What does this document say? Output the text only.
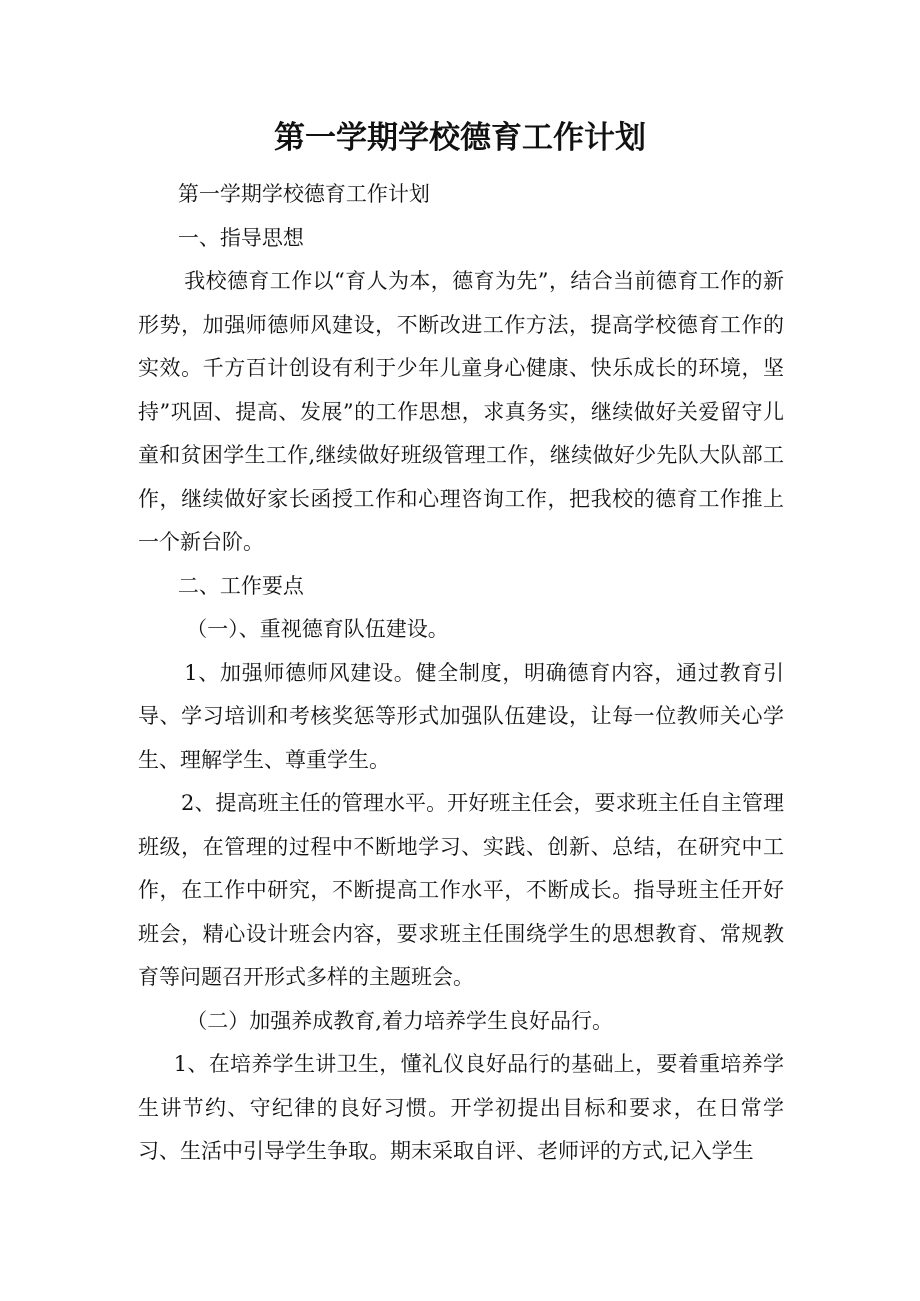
第一学期学校德育工作计划

第一学期学校德育工作计划

一、指导思想

我校德育工作以“育人为本，德育为先”，结合当前德育工作的新形势，加强师德师风建设，不断改进工作方法，提高学校德育工作的实效。千方百计创设有利于少年儿童身心健康、快乐成长的环境，坚持”巩固、提高、发展”的工作思想，求真务实，继续做好关爱留守儿童和贫困学生工作,继续做好班级管理工作，继续做好少先队大队部工作，继续做好家长函授工作和心理咨询工作，把我校的德育工作推上一个新台阶。

二、工作要点

（一）、重视德育队伍建设。

1、加强师德师风建设。健全制度，明确德育内容，通过教育引导、学习培训和考核奖惩等形式加强队伍建设，让每一位教师关心学生、理解学生、尊重学生。

2、提高班主任的管理水平。开好班主任会，要求班主任自主管理班级，在管理的过程中不断地学习、实践、创新、总结，在研究中工作，在工作中研究，不断提高工作水平，不断成长。指导班主任开好班会，精心设计班会内容，要求班主任围绕学生的思想教育、常规教育等问题召开形式多样的主题班会。

（二）加强养成教育,着力培养学生良好品行。

1、在培养学生讲卫生，懂礼仪良好品行的基础上，要着重培养学生讲节约、守纪律的良好习惯。开学初提出目标和要求，在日常学习、生活中引导学生争取。期末采取自评、老师评的方式,记入学生
